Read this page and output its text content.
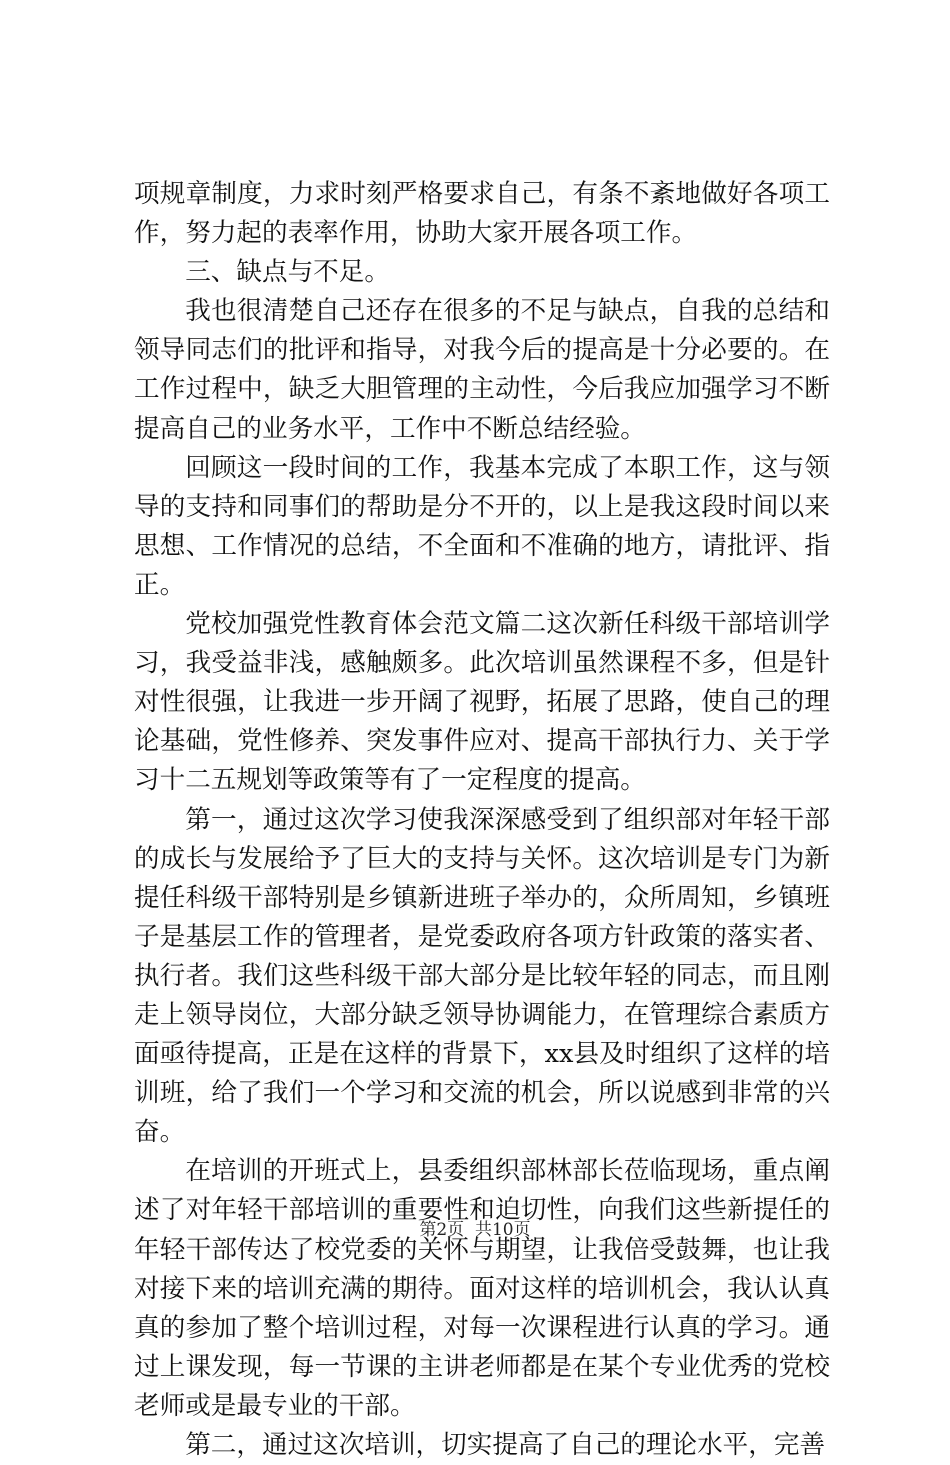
项规章制度，力求时刻严格要求自己，有条不紊地做好各项工作，努力起的表率作用，协助大家开展各项工作。

三、缺点与不足。

我也很清楚自己还存在很多的不足与缺点，自我的总结和领导同志们的批评和指导，对我今后的提高是十分必要的。在工作过程中，缺乏大胆管理的主动性，今后我应加强学习不断提高自己的业务水平，工作中不断总结经验。

回顾这一段时间的工作，我基本完成了本职工作，这与领导的支持和同事们的帮助是分不开的，以上是我这段时间以来思想、工作情况的总结，不全面和不准确的地方，请批评、指正。

党校加强党性教育体会范文篇二这次新任科级干部培训学习，我受益非浅，感触颇多。此次培训虽然课程不多，但是针对性很强，让我进一步开阔了视野，拓展了思路，使自己的理论基础，党性修养、突发事件应对、提高干部执行力、关于学习十二五规划等政策等有了一定程度的提高。

第一，通过这次学习使我深深感受到了组织部对年轻干部的成长与发展给予了巨大的支持与关怀。这次培训是专门为新提任科级干部特别是乡镇新进班子举办的，众所周知，乡镇班子是基层工作的管理者，是党委政府各项方针政策的落实者、执行者。我们这些科级干部大部分是比较年轻的同志，而且刚走上领导岗位，大部分缺乏领导协调能力，在管理综合素质方面亟待提高，正是在这样的背景下，xx县及时组织了这样的培训班，给了我们一个学习和交流的机会，所以说感到非常的兴奋。

在培训的开班式上，县委组织部林部长莅临现场，重点阐述了对年轻干部培训的重要性和迫切性，向我们这些新提任的年轻干部传达了校党委的关怀与期望，让我倍受鼓舞，也让我对接下来的培训充满的期待。面对这样的培训机会，我认认真真的参加了整个培训过程，对每一次课程进行认真的学习。通过上课发现，每一节课的主讲老师都是在某个专业优秀的党校老师或是最专业的干部。

第二，通过这次培训，切实提高了自己的理论水平，完善

第2页  共10页
